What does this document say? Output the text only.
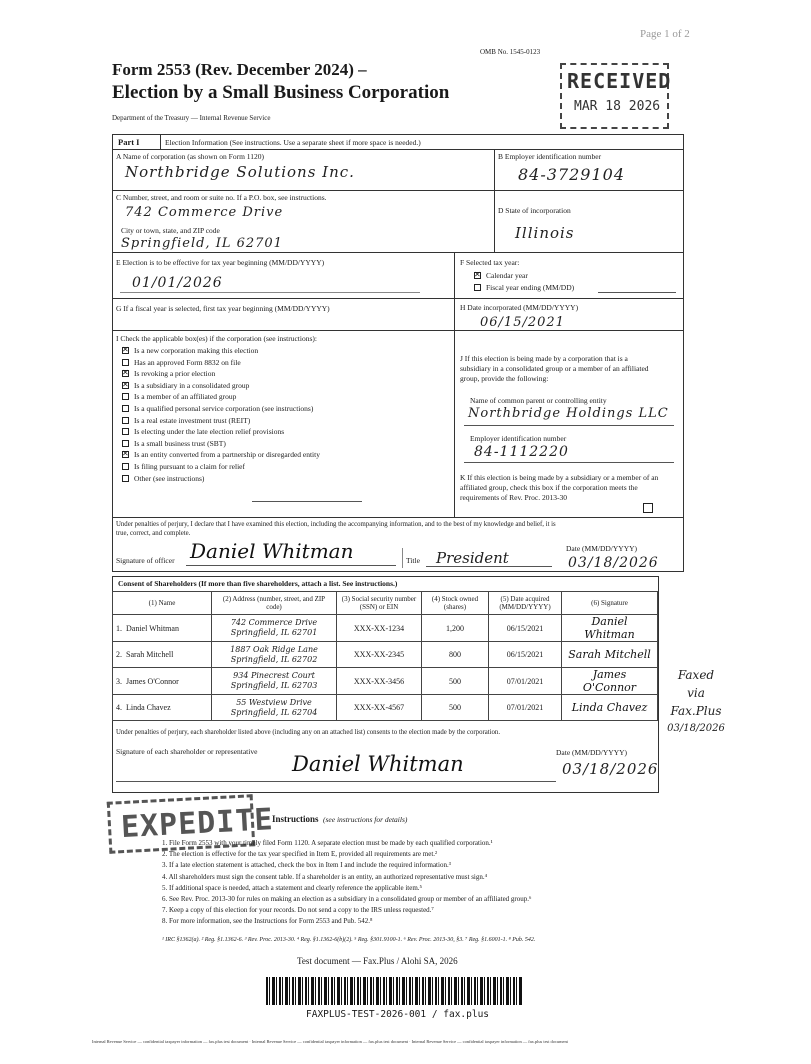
Page 1 of 2
OMB No. 1545-0123
Form 2553 (Rev. December 2024) –
Election by a Small Business Corporation
Department of the Treasury — Internal Revenue Service
RECEIVED
MAR 18 2026
Part I	Election Information (See instructions. Use a separate sheet if more space is needed.)
A Name of corporation (as shown on Form 1120)
Northbridge Solutions Inc.
B Employer identification number
84-3729104
C Number, street, and room or suite no. If a P.O. box, see instructions.
742 Commerce Drive
City or town, state, and ZIP code
Springfield, IL 62701
D State of incorporation
Illinois
E Election is to be effective for tax year beginning (MM/DD/YYYY)
01/01/2026
F Selected tax year:
✕Calendar year
Fiscal year ending (MM/DD)
G If a fiscal year is selected, first tax year beginning (MM/DD/YYYY)	H Date incorporated (MM/DD/YYYY)
06/15/2021
I Check the applicable box(es) if the corporation (see instructions):
✕Is a new corporation making this election
Has an approved Form 8832 on file
✕Is revoking a prior election
✕Is a subsidiary in a consolidated group
Is a member of an affiliated group
Is a qualified personal service corporation (see instructions)
Is a real estate investment trust (REIT)
Is electing under the late election relief provisions
Is a small business trust (SBT)
✕Is an entity converted from a partnership or disregarded entity
Is filing pursuant to a claim for relief
Other (see instructions)
J If this election is being made by a corporation that is a subsidiary in a consolidated group or a member of an affiliated group, provide the following:
Name of common parent or controlling entity
Northbridge Holdings LLC
Employer identification number
84-1112220
K If this election is being made by a subsidiary or a member of an affiliated group, check this box if the corporation meets the requirements of Rev. Proc. 2013-30
Under penalties of perjury, I declare that I have examined this election, including the accompanying information, and to the best of my knowledge and belief, it is true, correct, and complete.
Signature of officer Daniel Whitman	Title President
Date (MM/DD/YYYY)
03/18/2026
Consent of Shareholders (If more than five shareholders, attach a list. See instructions.)
(1) Name	(2) Address (number, street, and ZIP code)	(3) Social security number (SSN) or EIN	(4) Stock owned (shares)	(5) Date acquired (MM/DD/YYYY)	(6) Signature
1. Daniel Whitman	742 Commerce Drive
Springfield, IL 62701	XXX-XX-1234	1,200	06/15/2021	Daniel Whitman
2. Sarah Mitchell	1887 Oak Ridge Lane
Springfield, IL 62702	XXX-XX-2345	800	06/15/2021	Sarah Mitchell
3. James O'Connor	934 Pinecrest Court
Springfield, IL 62703	XXX-XX-3456	500	07/01/2021	James O'Connor
4. Linda Chavez	55 Westview Drive
Springfield, IL 62704	XXX-XX-4567	500	07/01/2021	Linda Chavez
Under penalties of perjury, each shareholder listed above (including any on an attached list) consents to the election made by the corporation.
Signature of each shareholder or representative
Daniel Whitman	Date (MM/DD/YYYY)
03/18/2026
Faxed
via
Fax.Plus
03/18/2026
EXPEDITE
Instructions (see instructions for details)
1. File Form 2553 with your timely filed Form 1120. A separate election must be made by each qualified corporation.¹
2. The election is effective for the tax year specified in Item E, provided all requirements are met.²
3. If a late election statement is attached, check the box in Item I and include the required information.³
4. All shareholders must sign the consent table. If a shareholder is an entity, an authorized representative must sign.⁴
5. If additional space is needed, attach a statement and clearly reference the applicable item.⁵
6. See Rev. Proc. 2013-30 for rules on making an election as a subsidiary in a consolidated group or member of an affiliated group.⁶
7. Keep a copy of this election for your records. Do not send a copy to the IRS unless requested.⁷
8. For more information, see the Instructions for Form 2553 and Pub. 542.⁸
¹ IRC §1362(a). ² Reg. §1.1362-6. ³ Rev. Proc. 2013-30. ⁴ Reg. §1.1362-6(b)(2). ⁵ Reg. §301.9100-1. ⁶ Rev. Proc. 2013-30, §3. ⁷ Reg. §1.6001-1. ⁸ Pub. 542.
Test document — Fax.Plus / Alohi SA, 2026
FAXPLUS-TEST-2026-001 / fax.plus
Internal Revenue Service — confidential taxpayer information — fax.plus test document · Internal Revenue Service — confidential taxpayer information — fax.plus test document · Internal Revenue Service — confidential taxpayer information — fax.plus test document
